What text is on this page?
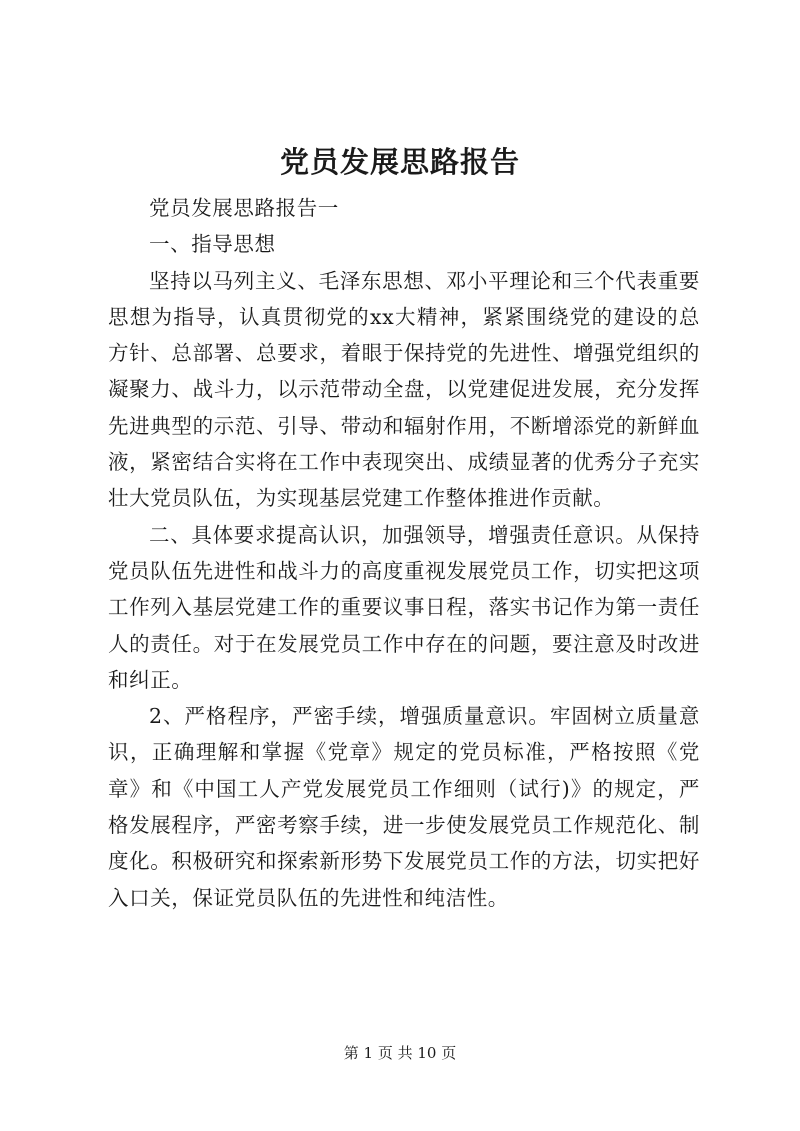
党员发展思路报告

党员发展思路报告一

一、指导思想

坚持以马列主义、毛泽东思想、邓小平理论和三个代表重要思想为指导，认真贯彻党的xx大精神，紧紧围绕党的建设的总方针、总部署、总要求，着眼于保持党的先进性、增强党组织的凝聚力、战斗力，以示范带动全盘，以党建促进发展，充分发挥先进典型的示范、引导、带动和辐射作用，不断增添党的新鲜血液，紧密结合实将在工作中表现突出、成绩显著的优秀分子充实壮大党员队伍，为实现基层党建工作整体推进作贡献。

二、具体要求提高认识，加强领导，增强责任意识。从保持党员队伍先进性和战斗力的高度重视发展党员工作，切实把这项工作列入基层党建工作的重要议事日程，落实书记作为第一责任人的责任。对于在发展党员工作中存在的问题，要注意及时改进和纠正。

2、严格程序，严密手续，增强质量意识。牢固树立质量意识，正确理解和掌握《党章》规定的党员标准，严格按照《党章》和《中国工人产党发展党员工作细则（试行)》的规定，严格发展程序，严密考察手续，进一步使发展党员工作规范化、制度化。积极研究和探索新形势下发展党员工作的方法，切实把好入口关，保证党员队伍的先进性和纯洁性。

第 1 页 共 10 页
